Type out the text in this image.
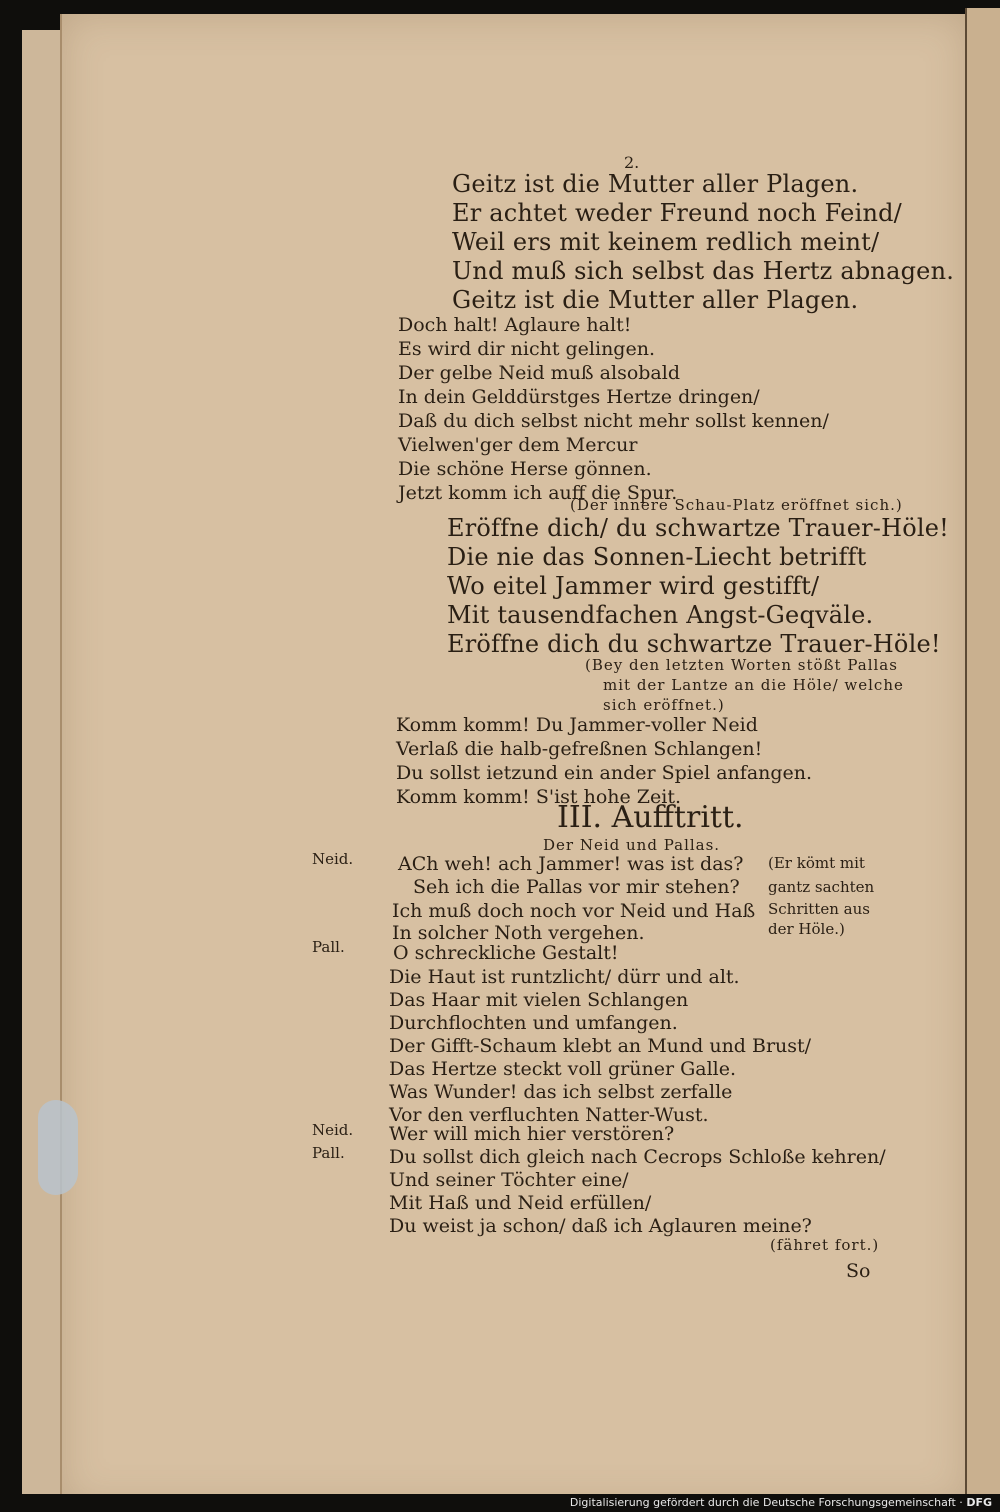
2.
Geitz ist die Mutter aller Plagen.
Er achtet weder Freund noch Feind/
Weil ers mit keinem redlich meint/
Und muß sich selbst das Hertz abnagen.
Geitz ist die Mutter aller Plagen.
Doch halt! Aglaure halt!
Es wird dir nicht gelingen.
Der gelbe Neid muß alsobald
In dein Gelddürstges Hertze dringen/
Daß du dich selbst nicht mehr sollst kennen/
Vielwen'ger dem Mercur
Die schöne Herse gönnen.
Jetzt komm ich auff die Spur.
(Der innere Schau-Platz eröffnet sich.)
Eröffne dich/ du schwartze Trauer-Höle!
Die nie das Sonnen-Liecht betrifft
Wo eitel Jammer wird gestifft/
Mit tausendfachen Angst-Geqväle.
Eröffne dich du schwartze Trauer-Höle!
(Bey den letzten Worten stößt Pallas
mit der Lantze an die Höle/ welche
sich eröffnet.)
Komm komm! Du Jammer-voller Neid
Verlaß die halb-gefreßnen Schlangen!
Du sollst ietzund ein ander Spiel anfangen.
Komm komm! S'ist hohe Zeit.
III. Aufftritt.
Der Neid und Pallas.
Neid. ACh weh! ach Jammer! was ist das?
Seh ich die Pallas vor mir stehen?
Ich muß doch noch vor Neid und Haß
In solcher Noth vergehen.
(Er kömt mit
gantz sachten
Schritten aus
der Höle.)
Pall.	O schreckliche Gestalt!
Die Haut ist runtzlicht/ dürr und alt.
Das Haar mit vielen Schlangen
Durchflochten und umfangen.
Der Gifft-Schaum klebt an Mund und Brust/
Das Hertze steckt voll grüner Galle.
Was Wunder! das ich selbst zerfalle
Vor den verfluchten Natter-Wust.
Neid. Wer will mich hier verstören?
Pall. Du sollst dich gleich nach Cecrops Schloße kehren/
Und seiner Töchter eine/
Mit Haß und Neid erfüllen/
Du weist ja schon/ daß ich Aglauren meine?
(fähret fort.)
So
Digitalisierung gefördert durch die Deutsche Forschungsgemeinschaft · DFG
